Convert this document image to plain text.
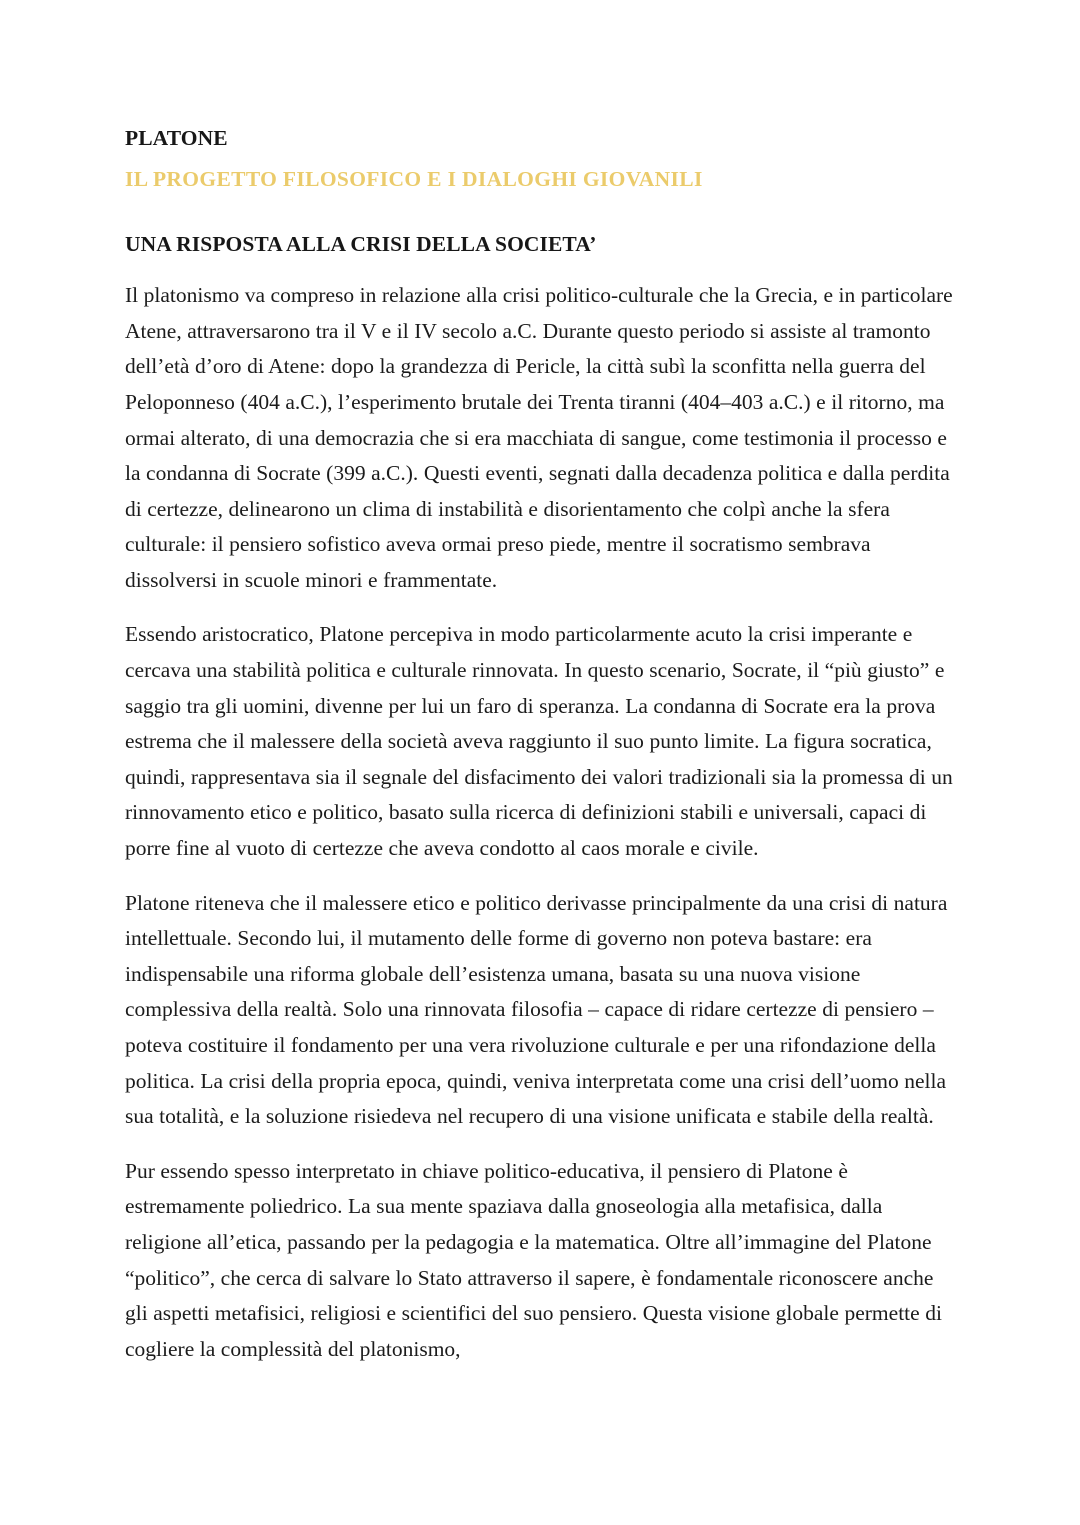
PLATONE
IL PROGETTO FILOSOFICO E I DIALOGHI GIOVANILI
UNA RISPOSTA ALLA CRISI DELLA SOCIETA’

Il platonismo va compreso in relazione alla crisi politico-culturale che la Grecia, e in particolare Atene, attraversarono tra il V e il IV secolo a.C. Durante questo periodo si assiste al tramonto dell’età d’oro di Atene: dopo la grandezza di Pericle, la città subì la sconfitta nella guerra del Peloponneso (404 a.C.), l’esperimento brutale dei Trenta tiranni (404–403 a.C.) e il ritorno, ma ormai alterato, di una democrazia che si era macchiata di sangue, come testimonia il processo e la condanna di Socrate (399 a.C.). Questi eventi, segnati dalla decadenza politica e dalla perdita di certezze, delinearono un clima di instabilità e disorientamento che colpì anche la sfera culturale: il pensiero sofistico aveva ormai preso piede, mentre il socratismo sembrava dissolversi in scuole minori e frammentate.

Essendo aristocratico, Platone percepiva in modo particolarmente acuto la crisi imperante e cercava una stabilità politica e culturale rinnovata. In questo scenario, Socrate, il “più giusto” e saggio tra gli uomini, divenne per lui un faro di speranza. La condanna di Socrate era la prova estrema che il malessere della società aveva raggiunto il suo punto limite. La figura socratica, quindi, rappresentava sia il segnale del disfacimento dei valori tradizionali sia la promessa di un rinnovamento etico e politico, basato sulla ricerca di definizioni stabili e universali, capaci di porre fine al vuoto di certezze che aveva condotto al caos morale e civile.

Platone riteneva che il malessere etico e politico derivasse principalmente da una crisi di natura intellettuale. Secondo lui, il mutamento delle forme di governo non poteva bastare: era indispensabile una riforma globale dell’esistenza umana, basata su una nuova visione complessiva della realtà. Solo una rinnovata filosofia – capace di ridare certezze di pensiero – poteva costituire il fondamento per una vera rivoluzione culturale e per una rifondazione della politica. La crisi della propria epoca, quindi, veniva interpretata come una crisi dell’uomo nella sua totalità, e la soluzione risiedeva nel recupero di una visione unificata e stabile della realtà.

Pur essendo spesso interpretato in chiave politico-educativa, il pensiero di Platone è estremamente poliedrico. La sua mente spaziava dalla gnoseologia alla metafisica, dalla religione all’etica, passando per la pedagogia e la matematica. Oltre all’immagine del Platone “politico”, che cerca di salvare lo Stato attraverso il sapere, è fondamentale riconoscere anche gli aspetti metafisici, religiosi e scientifici del suo pensiero. Questa visione globale permette di cogliere la complessità del platonismo,
